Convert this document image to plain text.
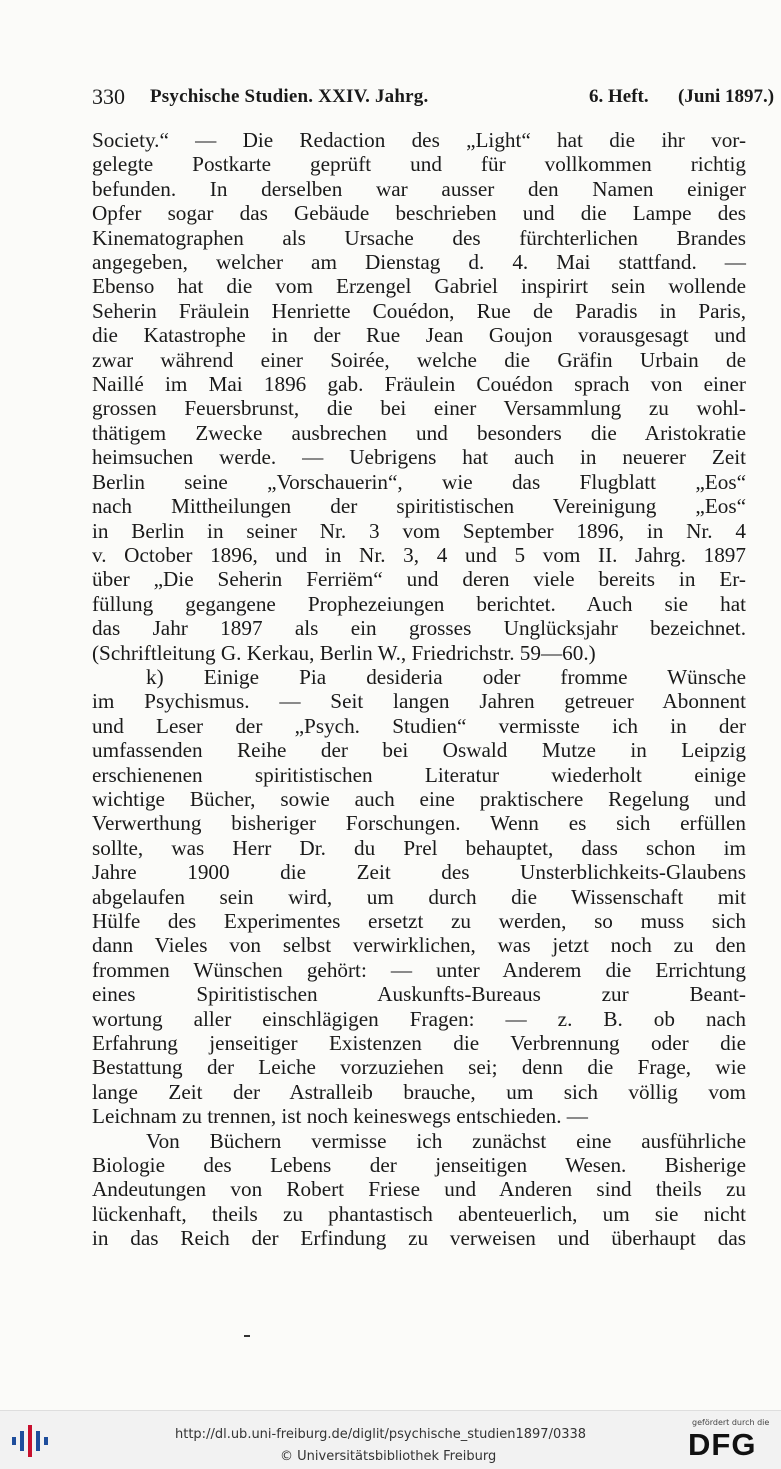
330 Psychische Studien. XXIV. Jahrg.	6. Heft. (Juni 1897.)
Society.“ — Die Redaction des „Light“ hat die ihr vor-
gelegte Postkarte geprüft und für vollkommen richtig
befunden. In derselben war ausser den Namen einiger
Opfer sogar das Gebäude beschrieben und die Lampe des
Kinematographen als Ursache des fürchterlichen Brandes
angegeben, welcher am Dienstag d. 4. Mai stattfand. —
Ebenso hat die vom Erzengel Gabriel inspirirt sein wollende
Seherin Fräulein Henriette Couédon, Rue de Paradis in Paris,
die Katastrophe in der Rue Jean Goujon vorausgesagt und
zwar während einer Soirée, welche die Gräfin Urbain de
Naillé im Mai 1896 gab. Fräulein Couédon sprach von einer
grossen Feuersbrunst, die bei einer Versammlung zu wohl-
thätigem Zwecke ausbrechen und besonders die Aristokratie
heimsuchen werde. — Uebrigens hat auch in neuerer Zeit
Berlin seine „Vorschauerin“, wie das Flugblatt „Eos“
nach Mittheilungen der spiritistischen Vereinigung „Eos“
in Berlin in seiner Nr. 3 vom September 1896, in Nr. 4
v. October 1896, und in Nr. 3, 4 und 5 vom II. Jahrg. 1897
über „Die Seherin Ferriëm“ und deren viele bereits in Er-
füllung gegangene Prophezeiungen berichtet. Auch sie hat
das Jahr 1897 als ein grosses Unglücksjahr bezeichnet.
(Schriftleitung G. Kerkau, Berlin W., Friedrichstr. 59—60.)
k) Einige Pia desideria oder fromme Wünsche
im Psychismus. — Seit langen Jahren getreuer Abonnent
und Leser der „Psych. Studien“ vermisste ich in der
umfassenden Reihe der bei Oswald Mutze in Leipzig
erschienenen spiritistischen Literatur wiederholt einige
wichtige Bücher, sowie auch eine praktischere Regelung und
Verwerthung bisheriger Forschungen. Wenn es sich erfüllen
sollte, was Herr Dr. du Prel behauptet, dass schon im
Jahre 1900 die Zeit des Unsterblichkeits-Glaubens
abgelaufen sein wird, um durch die Wissenschaft mit
Hülfe des Experimentes ersetzt zu werden, so muss sich
dann Vieles von selbst verwirklichen, was jetzt noch zu den
frommen Wünschen gehört: — unter Anderem die Errichtung
eines Spiritistischen Auskunfts-Bureaus zur Beant-
wortung aller einschlägigen Fragen: — z. B. ob nach
Erfahrung jenseitiger Existenzen die Verbrennung oder die
Bestattung der Leiche vorzuziehen sei; denn die Frage, wie
lange Zeit der Astralleib brauche, um sich völlig vom
Leichnam zu trennen, ist noch keineswegs entschieden. —
Von Büchern vermisse ich zunächst eine ausführliche
Biologie des Lebens der jenseitigen Wesen. Bisherige
Andeutungen von Robert Friese und Anderen sind theils zu
lückenhaft, theils zu phantastisch abenteuerlich, um sie nicht
in das Reich der Erfindung zu verweisen und überhaupt das
http://dl.ub.uni-freiburg.de/diglit/psychische_studien1897/0338
© Universitätsbibliothek Freiburg
gefördert durch die
DFG
